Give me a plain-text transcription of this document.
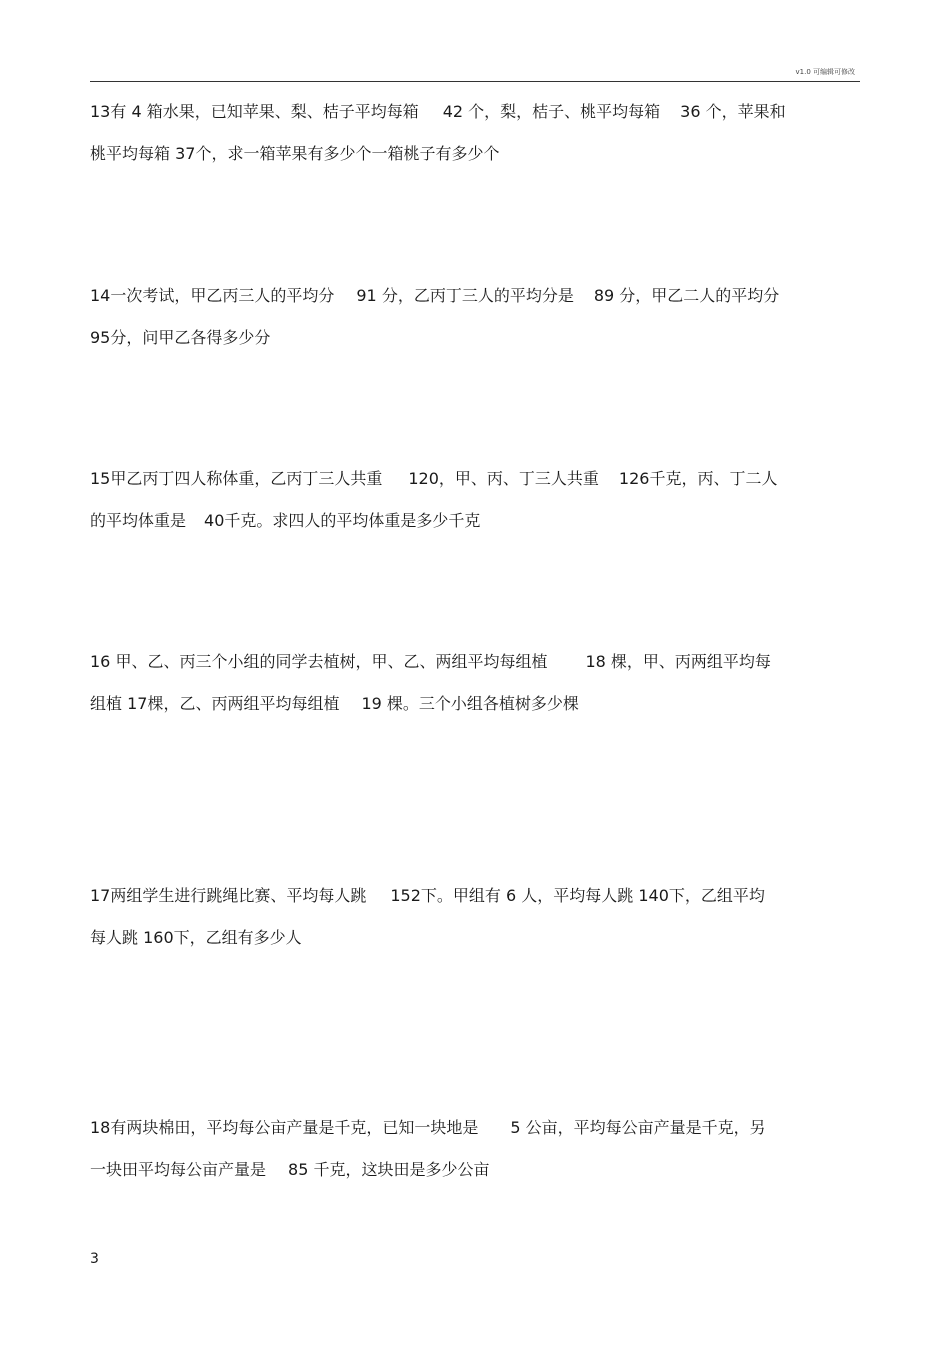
v1.0 可编辑可修改
13有 4 箱水果，已知苹果、梨、桔子平均每箱 42 个，梨，桔子、桃平均每箱 36 个，苹果和
桃平均每箱 37个，求一箱苹果有多少个一箱桃子有多少个
14一次考试，甲乙丙三人的平均分 91 分，乙丙丁三人的平均分是 89 分，甲乙二人的平均分
95分，问甲乙各得多少分
15甲乙丙丁四人称体重，乙丙丁三人共重 120，甲、丙、丁三人共重 126千克，丙、丁二人
的平均体重是 40千克。求四人的平均体重是多少千克
16 甲、乙、丙三个小组的同学去植树，甲、乙、两组平均每组植 18 棵，甲、丙两组平均每
组植 17棵，乙、丙两组平均每组植 19 棵。三个小组各植树多少棵
17两组学生进行跳绳比赛、平均每人跳 152下。甲组有 6 人，平均每人跳 140下，乙组平均
每人跳 160下，乙组有多少人
18有两块棉田，平均每公亩产量是千克，已知一块地是 5 公亩，平均每公亩产量是千克，另
一块田平均每公亩产量是 85 千克，这块田是多少公亩
3
